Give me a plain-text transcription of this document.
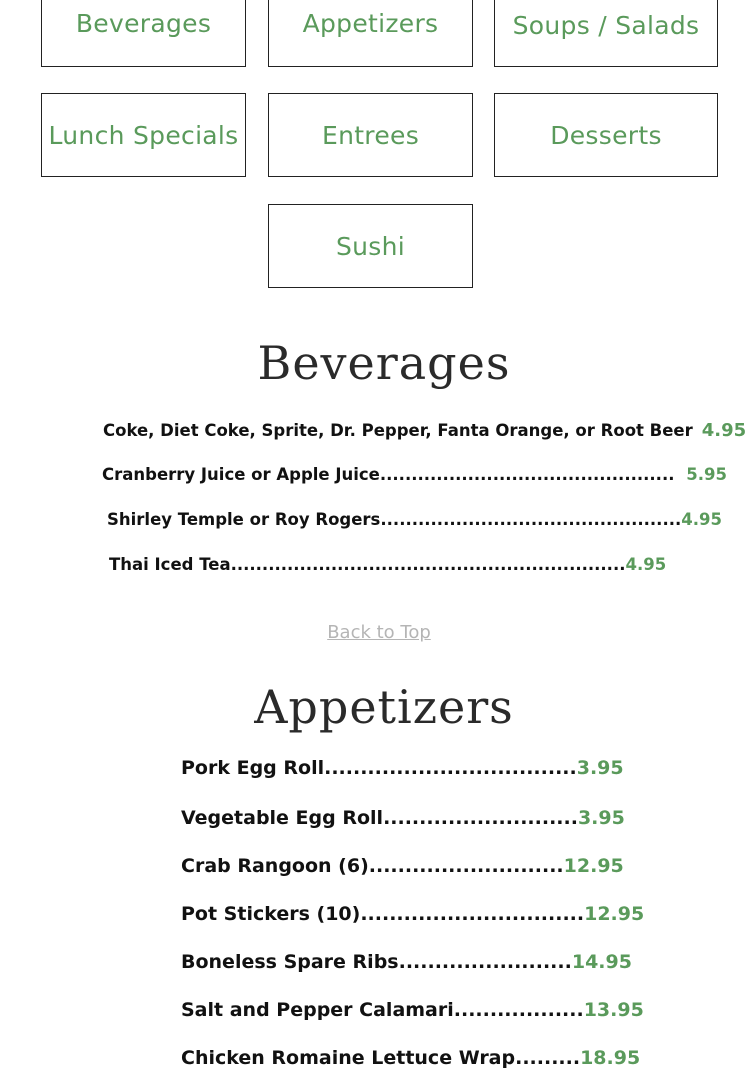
Beverages	Appetizers	Soups / Salads
Lunch Specials	Entrees	Desserts
Sushi
Beverages
Coke, Diet Coke, Sprite, Dr. Pepper, Fanta Orange, or Root Beer 4.95
Cranberry Juice or Apple Juice............................................... 5.95
Shirley Temple or Roy Rogers................................................4.95
Thai Iced Tea...............................................................4.95
Back to Top
Appetizers
Pork Egg Roll...................................3.95
Vegetable Egg Roll...........................3.95
Crab Rangoon (6)...........................12.95
Pot Stickers (10)...............................12.95
Boneless Spare Ribs........................14.95
Salt and Pepper Calamari..................13.95
Chicken Romaine Lettuce Wrap.........18.95
